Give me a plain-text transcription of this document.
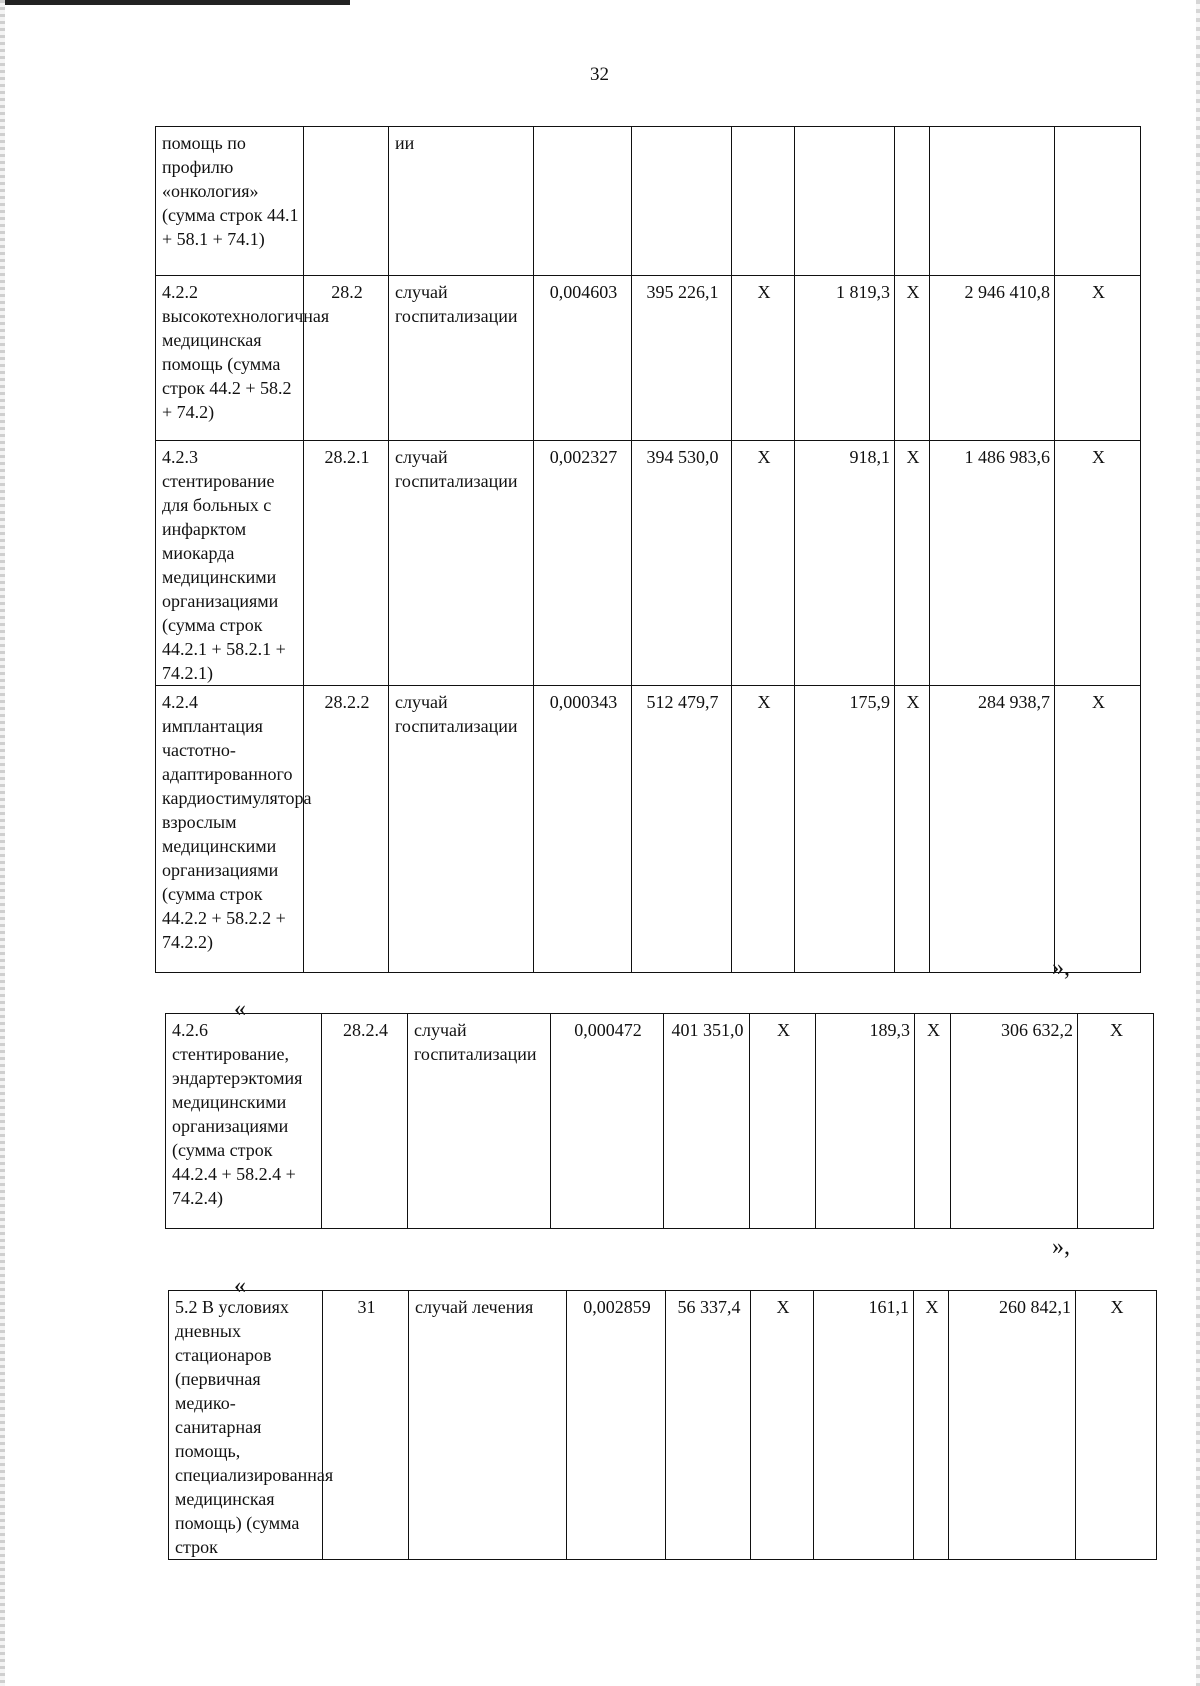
32
помощь по профилю «онкология» (сумма строк 44.1 + 58.1 + 74.1)		ии							
4.2.2 высокотехнологичная медицинская помощь (сумма строк 44.2 + 58.2 + 74.2)	28.2	случай госпитализации	0,004603	395 226,1	X	1 819,3	X	2 946 410,8	X
4.2.3 стентирование для больных с инфарктом миокарда медицинскими организациями (сумма строк 44.2.1 + 58.2.1 + 74.2.1)	28.2.1	случай госпитализации	0,002327	394 530,0	X	918,1	X	1 486 983,6	X
4.2.4 имплантация частотно-адаптированного кардиостимулятора взрослым медицинскими организациями (сумма строк 44.2.2 + 58.2.2 + 74.2.2)	28.2.2	случай госпитализации	0,000343	512 479,7	X	175,9	X	284 938,7	X
»,
«
4.2.6 стентирование, эндартерэктомия медицинскими организациями (сумма строк 44.2.4 + 58.2.4 + 74.2.4)	28.2.4	случай госпитализации	0,000472	401 351,0	X	189,3	X	306 632,2	X
»,
«
5.2 В условиях дневных стационаров (первичная медико-санитарная помощь, специализированная медицинская помощь) (сумма строк	31	случай лечения	0,002859	56 337,4	X	161,1	X	260 842,1	X
